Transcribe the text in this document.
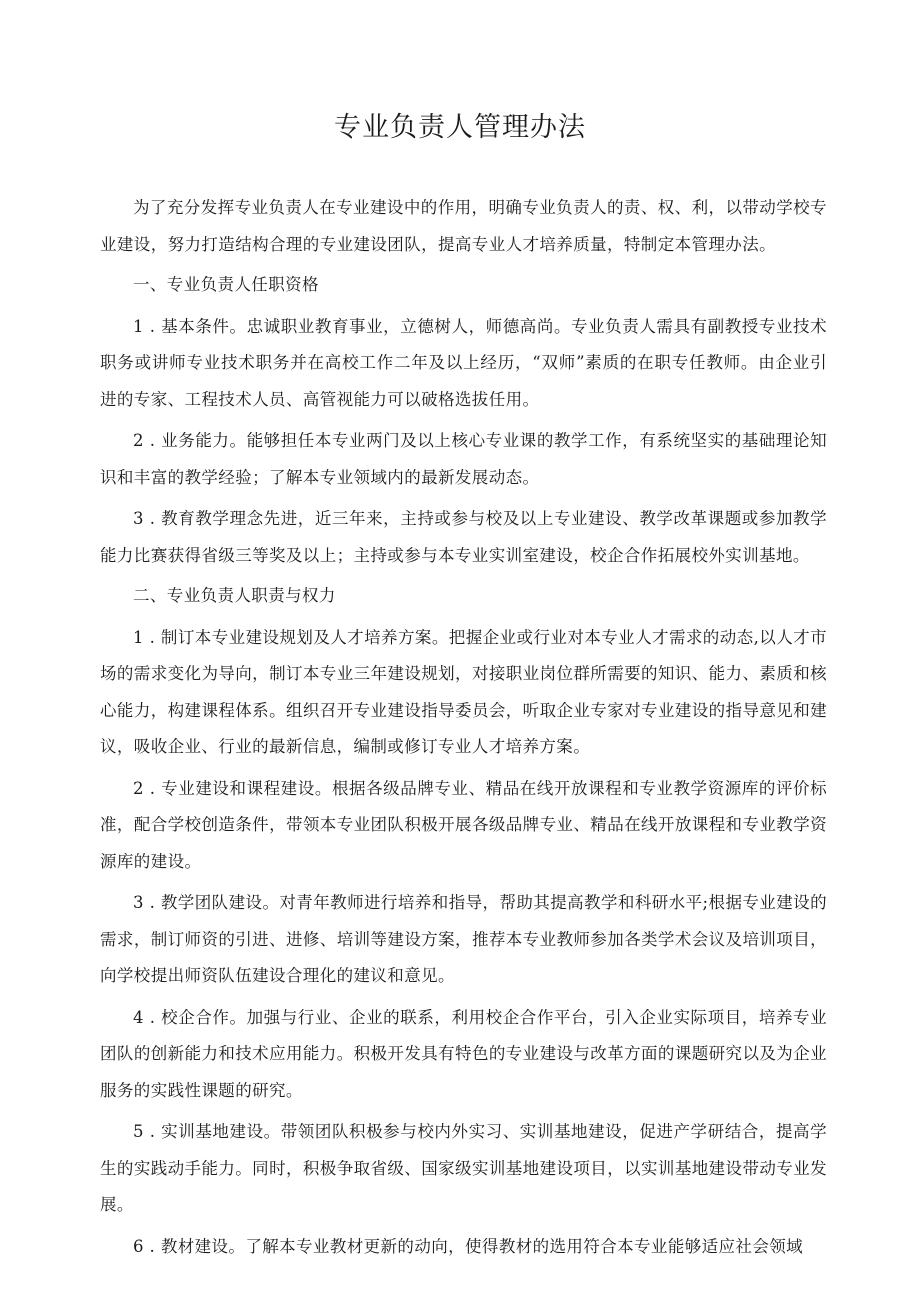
专业负责人管理办法

为了充分发挥专业负责人在专业建设中的作用，明确专业负责人的责、权、利，以带动学校专业建设，努力打造结构合理的专业建设团队，提高专业人才培养质量，特制定本管理办法。

一、专业负责人任职资格

1 . 基本条件。忠诚职业教育事业，立德树人，师德高尚。专业负责人需具有副教授专业技术职务或讲师专业技术职务并在高校工作二年及以上经历，“双师”素质的在职专任教师。由企业引进的专家、工程技术人员、高管视能力可以破格选拔任用。

2 . 业务能力。能够担任本专业两门及以上核心专业课的教学工作，有系统坚实的基础理论知识和丰富的教学经验；了解本专业领域内的最新发展动态。

3 . 教育教学理念先进，近三年来，主持或参与校及以上专业建设、教学改革课题或参加教学能力比赛获得省级三等奖及以上；主持或参与本专业实训室建设，校企合作拓展校外实训基地。

二、专业负责人职责与权力

1 . 制订本专业建设规划及人才培养方案。把握企业或行业对本专业人才需求的动态,以人才市场的需求变化为导向，制订本专业三年建设规划，对接职业岗位群所需要的知识、能力、素质和核心能力，构建课程体系。组织召开专业建设指导委员会，听取企业专家对专业建设的指导意见和建议，吸收企业、行业的最新信息，编制或修订专业人才培养方案。

2 . 专业建设和课程建设。根据各级品牌专业、精品在线开放课程和专业教学资源库的评价标准，配合学校创造条件，带领本专业团队积极开展各级品牌专业、精品在线开放课程和专业教学资源库的建设。

3 . 教学团队建设。对青年教师进行培养和指导，帮助其提高教学和科研水平;根据专业建设的需求，制订师资的引进、进修、培训等建设方案，推荐本专业教师参加各类学术会议及培训项目，向学校提出师资队伍建设合理化的建议和意见。

4 . 校企合作。加强与行业、企业的联系，利用校企合作平台，引入企业实际项目，培养专业团队的创新能力和技术应用能力。积极开发具有特色的专业建设与改革方面的课题研究以及为企业服务的实践性课题的研究。

5 . 实训基地建设。带领团队积极参与校内外实习、实训基地建设，促进产学研结合，提高学生的实践动手能力。同时，积极争取省级、国家级实训基地建设项目，以实训基地建设带动专业发展。

6 . 教材建设。了解本专业教材更新的动向，使得教材的选用符合本专业能够适应社会领域
